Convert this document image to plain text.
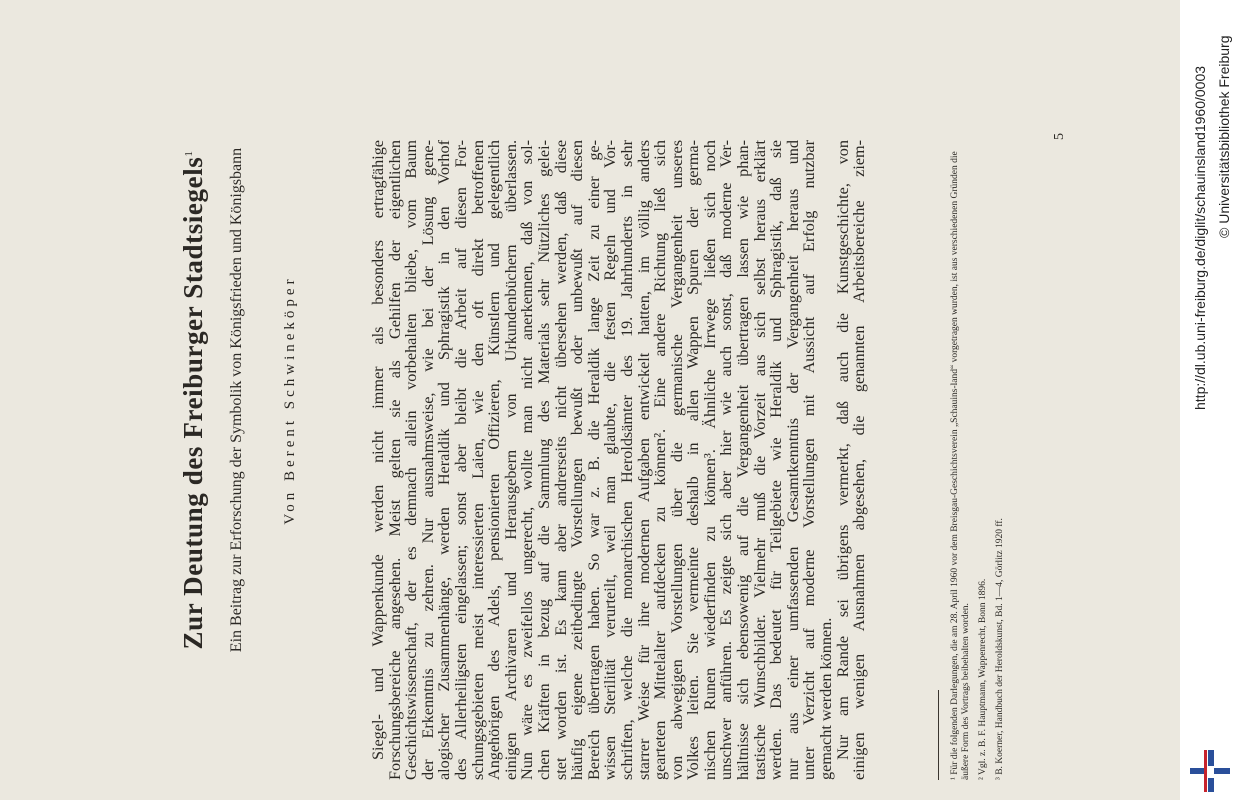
Zur Deutung des Freiburger Stadtsiegels$^1$	Ein Beitrag zur Erforschung der Symbolik von Königsfrieden und Königsbann Von Berent Schwineköper	Siegel- und Wappenkunde werden nicht immer als besonders ertragfähige
Forschungsbereiche angesehen. Meist gelten sie als Gehilfen der eigentlichen
Geschichtswissenschaft, der es demnach allein vorbehalten bliebe, vom Baum
der Erkenntnis zu zehren. Nur ausnahmsweise, wie bei der Lösung gene-
alogischer Zusammenhänge, werden Heraldik und Sphragistik in den Vorhof
des Allerheiligsten eingelassen; sonst aber bleibt die Arbeit auf diesen For-
schungsgebieten meist interessierten Laien, wie den oft direkt betroffenen
Angehörigen des Adels, pensionierten Offizieren, Künstlern und gelegentlich
einigen Archivaren und Herausgebern von Urkundenbüchern überlassen.
Nun wäre es zweifellos ungerecht, wollte man nicht anerkennen, daß von sol-
chen Kräften in bezug auf die Sammlung des Materials sehr Nützliches gelei-
stet worden ist. Es kann aber andrerseits nicht übersehen werden, daß diese
häufig eigene zeitbedingte Vorstellungen bewußt oder unbewußt auf diesen
Bereich übertragen haben. So war z. B. die Heraldik lange Zeit zu einer ge-
wissen Sterilität verurteilt, weil man glaubte, die festen Regeln und Vor-
schriften, welche die monarchischen Heroldsämter des 19. Jahrhunderts in sehr
starrer Weise für ihre modernen Aufgaben entwickelt hatten, im völlig anders
gearteten Mittelalter aufdecken zu können². Eine andere Richtung ließ sich
von abwegigen Vorstellungen über die germanische Vergangenheit unseres
Volkes leiten. Sie vermeinte deshalb in allen Wappen Spuren der germa-
nischen Runen wiederfinden zu können³. Ähnliche Irrwege ließen sich noch
unschwer anführen. Es zeigte sich aber hier wie auch sonst, daß moderne Ver-
hältnisse sich ebensowenig auf die Vergangenheit übertragen lassen wie phan-
tastische Wunschbilder. Vielmehr muß die Vorzeit aus sich selbst heraus erklärt
werden. Das bedeutet für Teilgebiete wie Heraldik und Sphragistik, daß sie
nur aus einer umfassenden Gesamtkenntnis der Vergangenheit heraus und
unter Verzicht auf moderne Vorstellungen mit Aussicht auf Erfolg nutzbar
gemacht werden können.
Nur am Rande sei übrigens vermerkt, daß auch die Kunstgeschichte, von
einigen wenigen Ausnahmen abgesehen, die genannten Arbeitsbereiche ziem-	¹ Für die folgenden Darlegungen, die am 28. April 1960 vor dem Breisgau-Geschichtsverein „Schauins-land“ vorgetragen wurden, ist aus verschiedenen Gründen die äußere Form des Vortrags beibehalten worden. ² Vgl. z. B. F. Hauptmann, Wappenrecht, Bonn 1896. ³ B. Koerner, Handbuch der Heroldskunst, Bd. 1—4, Görlitz 1920 ff.
5	http://dl.ub.uni-freiburg.de/diglit/schauinsland1960/0003 © Universitätsbibliothek Freiburg
